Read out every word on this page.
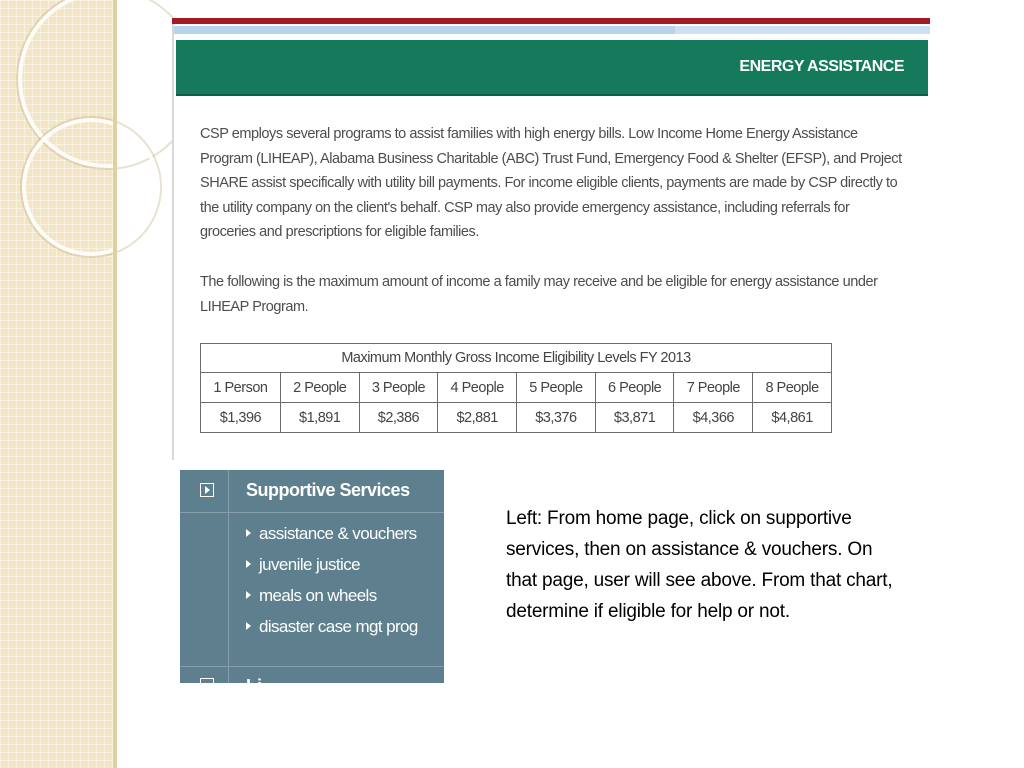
ENERGY ASSISTANCE
CSP employs several programs to assist families with high energy bills. Low Income Home Energy Assistance Program (LIHEAP), Alabama Business Charitable (ABC) Trust Fund, Emergency Food & Shelter (EFSP), and Project SHARE assist specifically with utility bill payments. For income eligible clients, payments are made by CSP directly to the utility company on the client's behalf. CSP may also provide emergency assistance, including referrals for groceries and prescriptions for eligible families.
The following is the maximum amount of income a family may receive and be eligible for energy assistance under LIHEAP Program.
Maximum Monthly Gross Income Eligibility Levels FY 2013							
1 Person	2 People	3 People	4 People	5 People	6 People	7 People	8 People
$1,396	$1,891	$2,386	$2,881	$3,376	$3,871	$4,366	$4,861
Supportive Services
assistance & vouchers
juvenile justice
meals on wheels
disaster case mgt prog
Li
Left: From home page, click on supportive services, then on assistance & vouchers. On that page, user will see above. From that chart, determine if eligible for help or not.
